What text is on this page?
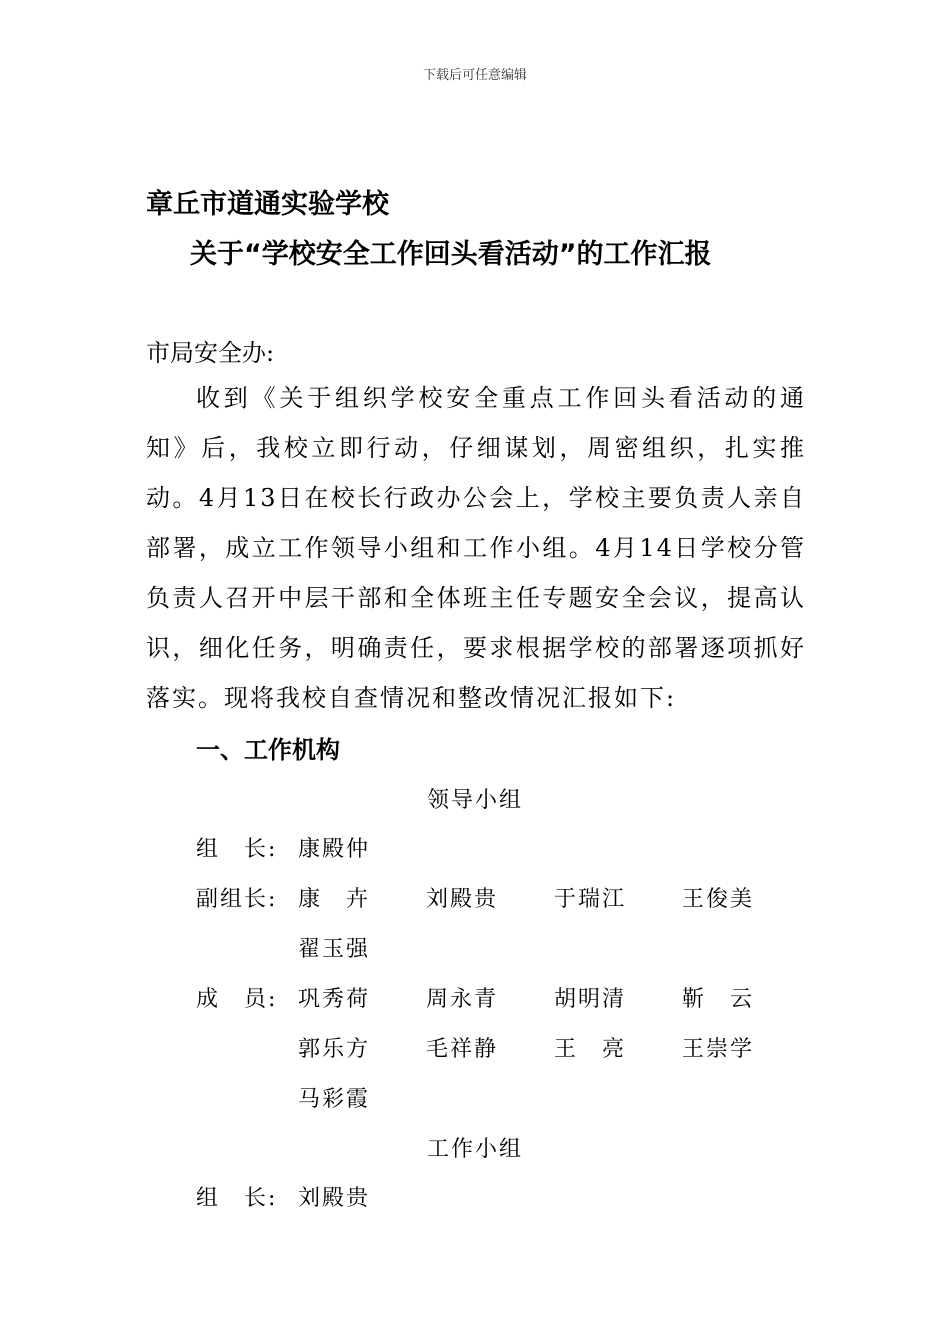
下载后可任意编辑
章丘市道通实验学校
关于“学校安全工作回头看活动”的工作汇报
市局安全办:
收到《关于组织学校安全重点工作回头看活动的通知》后，我校立即行动，仔细谋划，周密组织，扎实推动。4月13日在校长行政办公会上，学校主要负责人亲自部署，成立工作领导小组和工作小组。4月14日学校分管负责人召开中层干部和全体班主任专题安全会议，提高认识，细化任务，明确责任，要求根据学校的部署逐项抓好落实。现将我校自查情况和整改情况汇报如下:
一、工作机构
领导小组
组　长: 康殿仲
副组长: 康　卉	刘殿贵	于瑞江	王俊美
翟玉强
成　员: 巩秀荷	周永青	胡明清	靳　云
郭乐方	毛祥静	王　亮	王崇学
马彩霞
工作小组
组　长: 刘殿贵
